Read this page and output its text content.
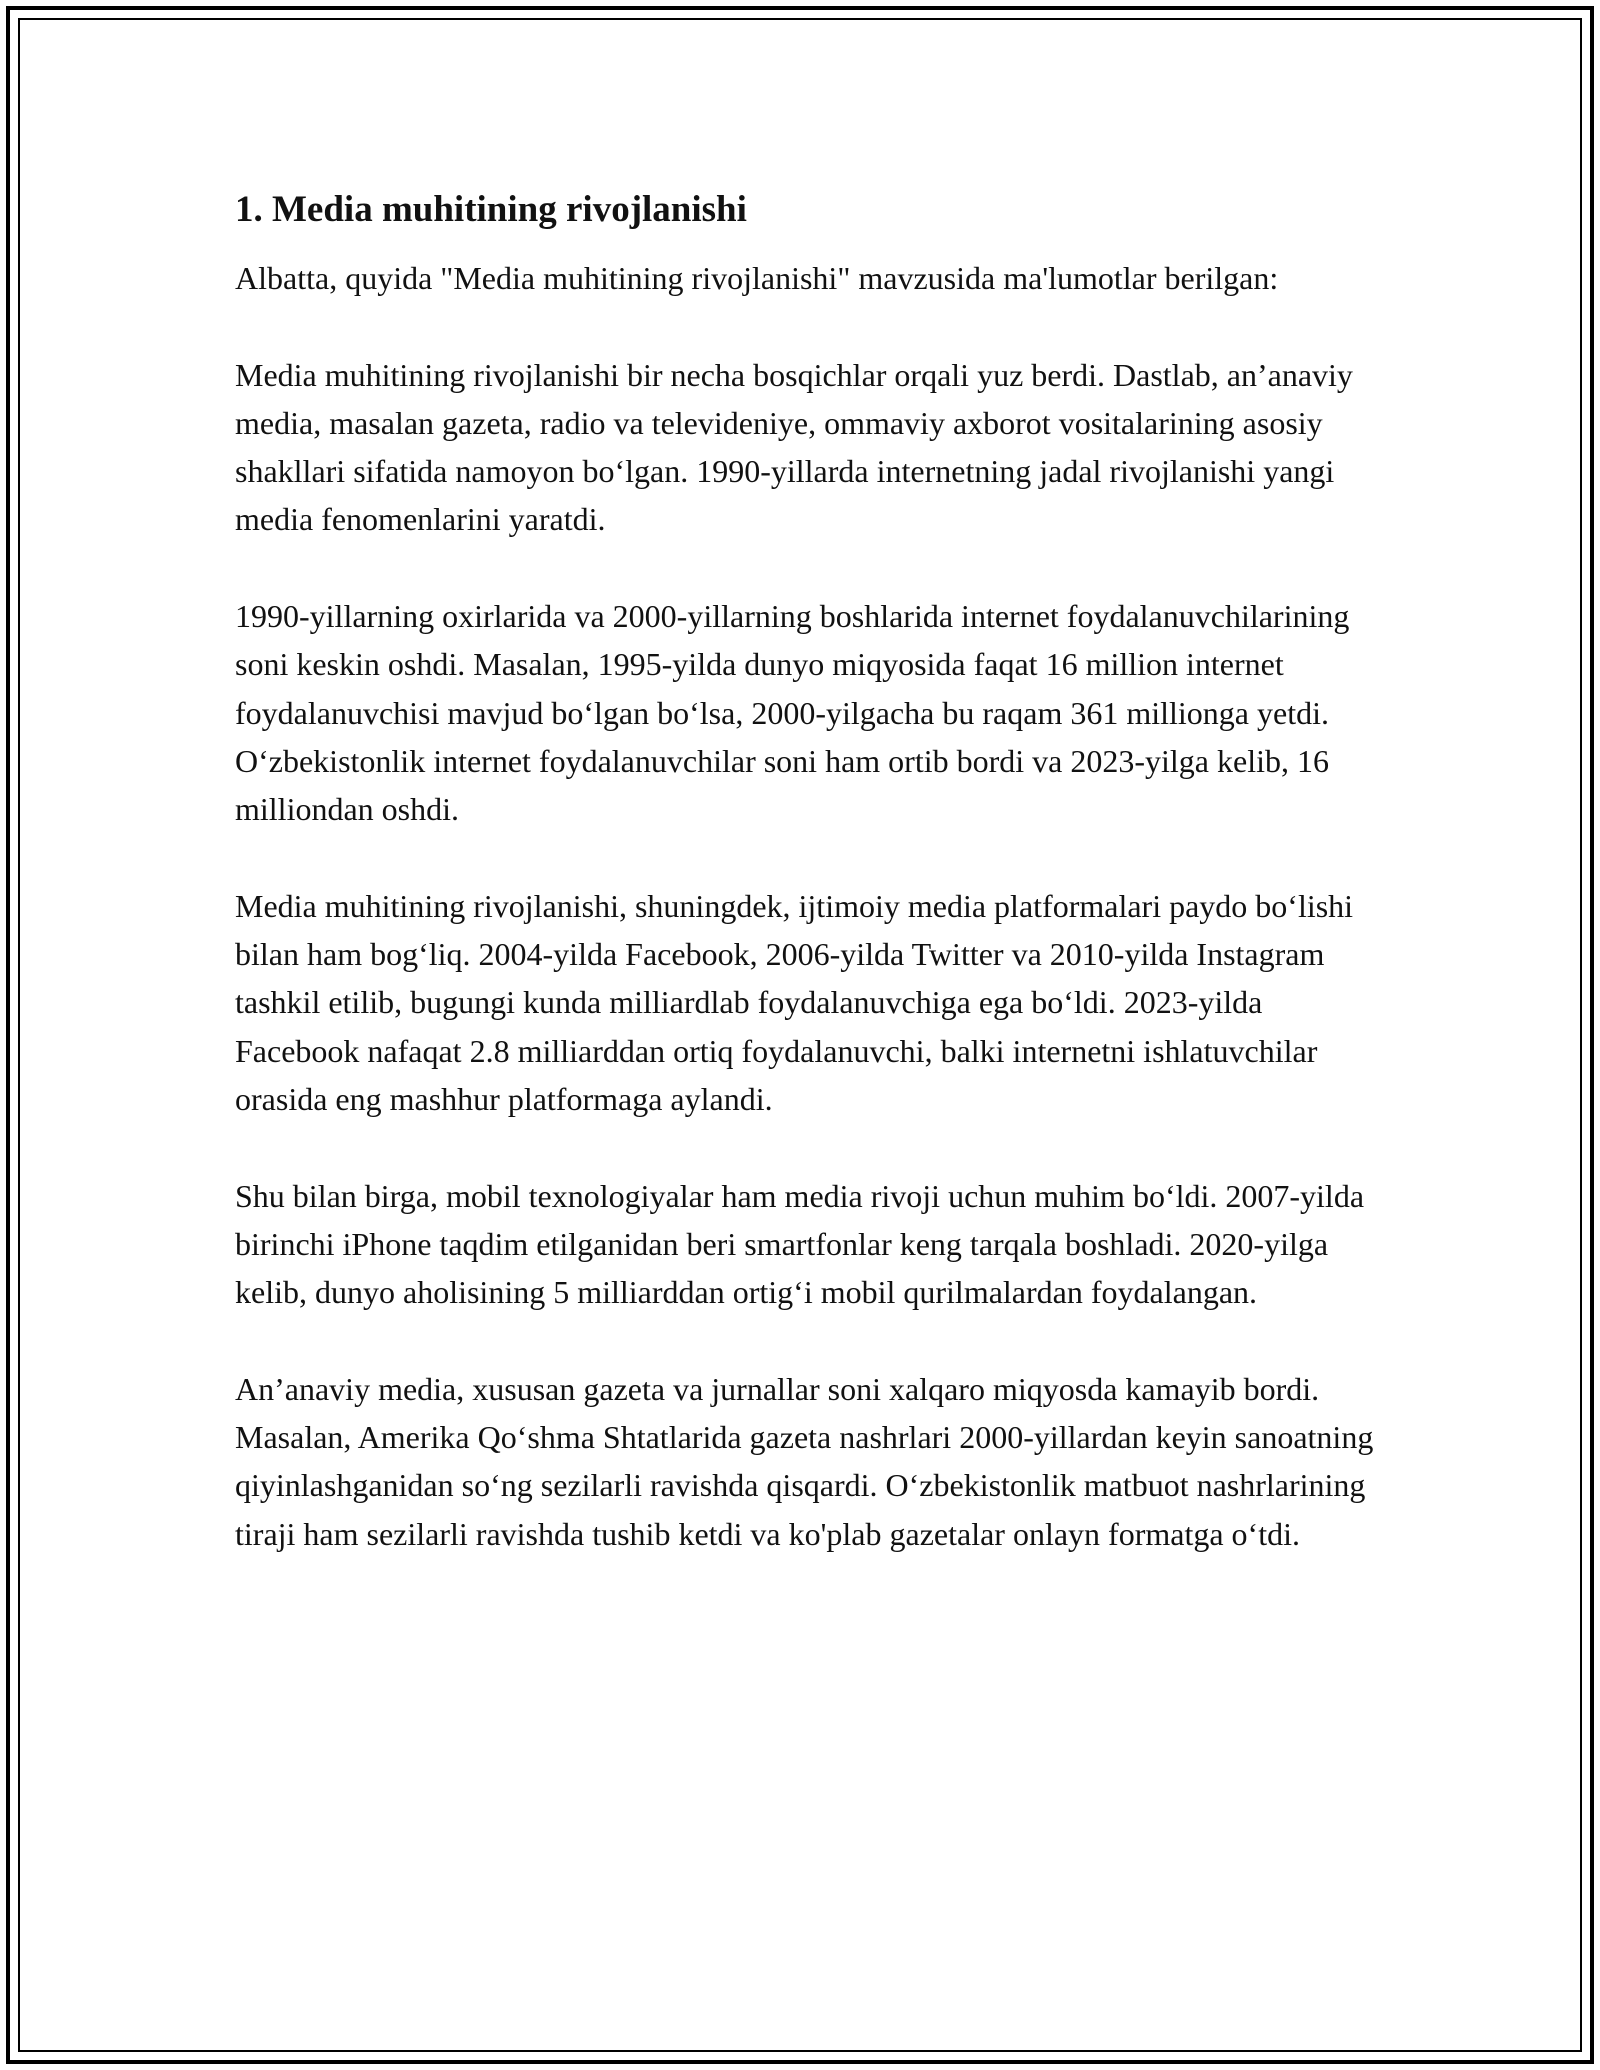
1. Media muhitining rivojlanishi

Albatta, quyida "Media muhitining rivojlanishi" mavzusida ma'lumotlar berilgan:

Media muhitining rivojlanishi bir necha bosqichlar orqali yuz berdi. Dastlab, an’anaviy media, masalan gazeta, radio va televideniye, ommaviy axborot vositalarining asosiy shakllari sifatida namoyon bo‘lgan. 1990-yillarda internetning jadal rivojlanishi yangi media fenomenlarini yaratdi.

1990-yillarning oxirlarida va 2000-yillarning boshlarida internet foydalanuvchilarining soni keskin oshdi. Masalan, 1995-yilda dunyo miqyosida faqat 16 million internet foydalanuvchisi mavjud bo‘lgan bo‘lsa, 2000-yilgacha bu raqam 361 millionga yetdi. O‘zbekistonlik internet foydalanuvchilar soni ham ortib bordi va 2023-yilga kelib, 16 milliondan oshdi.

Media muhitining rivojlanishi, shuningdek, ijtimoiy media platformalari paydo bo‘lishi bilan ham bog‘liq. 2004-yilda Facebook, 2006-yilda Twitter va 2010-yilda Instagram tashkil etilib, bugungi kunda milliardlab foydalanuvchiga ega bo‘ldi. 2023-yilda Facebook nafaqat 2.8 milliarddan ortiq foydalanuvchi, balki internetni ishlatuvchilar orasida eng mashhur platformaga aylandi.

Shu bilan birga, mobil texnologiyalar ham media rivoji uchun muhim bo‘ldi. 2007-yilda birinchi iPhone taqdim etilganidan beri smartfonlar keng tarqala boshladi. 2020-yilga kelib, dunyo aholisining 5 milliarddan ortig‘i mobil qurilmalardan foydalangan.

An’anaviy media, xususan gazeta va jurnallar soni xalqaro miqyosda kamayib bordi. Masalan, Amerika Qo‘shma Shtatlarida gazeta nashrlari 2000-yillardan keyin sanoatning qiyinlashganidan so‘ng sezilarli ravishda qisqardi. O‘zbekistonlik matbuot nashrlarining tiraji ham sezilarli ravishda tushib ketdi va ko'plab gazetalar onlayn formatga o‘tdi.
